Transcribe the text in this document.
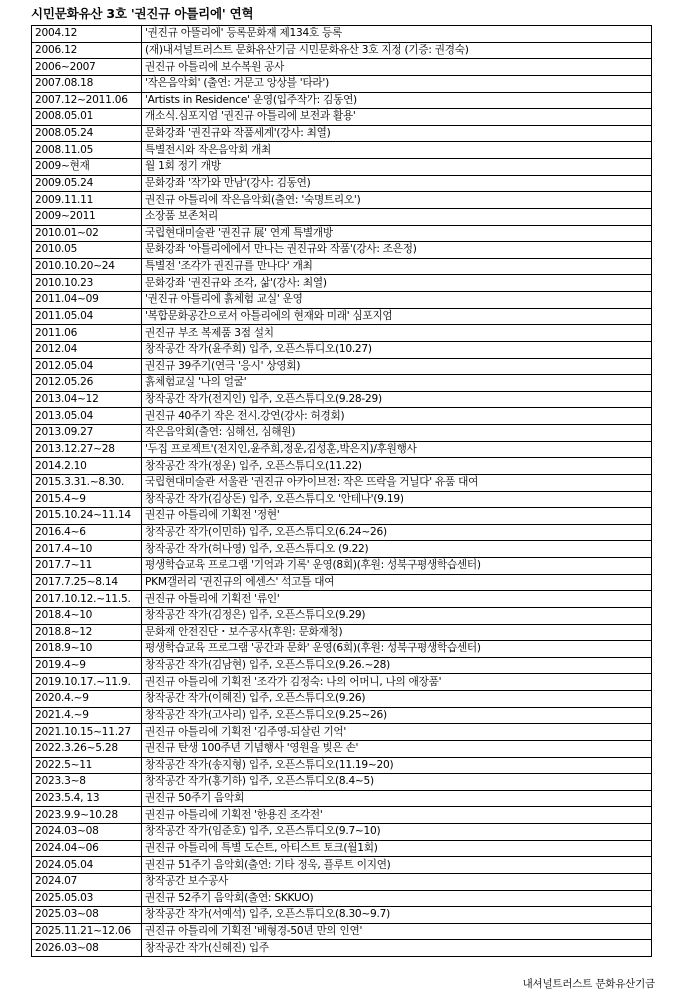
시민문화유산 3호 '권진규 아틀리에' 연혁
2004.12	'권진규 아뜰리에' 등록문화재 제134호 등록
2006.12	(재)내셔널트러스트 문화유산기금 시민문화유산 3호 지정 (기증: 권경숙)
2006~2007	권진규 아틀리에 보수복원 공사
2007.08.18	'작은음악회' (출연: 거문고 앙상블 '타라')
2007.12~2011.06	'Artists in Residence' 운영(입주작가: 김동연)
2008.05.01	개소식.심포지엄 '권진규 아틀리에 보전과 활용'
2008.05.24	문화강좌 '권진규와 작품세계'(강사: 최열)
2008.11.05	특별전시와 작은음악회 개최
2009~현재	월 1회 정기 개방
2009.05.24	문화강좌 '작가와 만남'(강사: 김동연)
2009.11.11	권진규 아틀리에 작은음악회(출연: '숙명트리오')
2009~2011	소장품 보존처리
2010.01~02	국립현대미술관 '권진규 展' 연계 특별개방
2010.05	문화강좌 '아틀리에에서 만나는 권진규와 작품'(강사: 조은정)
2010.10.20~24	특별전 '조각가 권진규를 만나다' 개최
2010.10.23	문화강좌 '권진규와 조각, 삶'(강사: 최열)
2011.04~09	'권진규 아틀리에 흙체험 교실' 운영
2011.05.04	'복합문화공간으로서 아틀리에의 현재와 미래' 심포지엄
2011.06	권진규 부조 복제품 3점 설치
2012.04	창작공간 작가(윤주희) 입주, 오픈스튜디오(10.27)
2012.05.04	권진규 39주기(연극 '응시' 상영회)
2012.05.26	흙체험교실 '나의 얼굴'
2013.04~12	창작공간 작가(전지인) 입주, 오픈스튜디오(9.28-29)
2013.05.04	권진규 40주기 작은 전시.강연(강사: 허경회)
2013.09.27	작은음악회(출연: 심해선, 심해원)
2013.12.27~28	'두집 프로젝트'(전지인,윤주희,정운,김성훈,박은지)/후원행사
2014.2.10	창작공간 작가(정운) 입주, 오픈스튜디오(11.22)
2015.3.31.~8.30.	국립현대미술관 서울관 '권진규 아카이브전: 작은 뜨락을 거닐다' 유품 대여
2015.4~9	창작공간 작가(김상돈) 입주, 오픈스튜디오 '안테나'(9.19)
2015.10.24~11.14	권진규 아틀리에 기획전 '정현'
2016.4~6	창작공간 작가(이민하) 입주, 오픈스튜디오(6.24~26)
2017.4~10	창작공간 작가(허나영) 입주, 오픈스튜디오 (9.22)
2017.7~11	평생학습교육 프로그램 '기억과 기록' 운영(8회)(후원: 성북구평생학습센터)
2017.7.25~8.14	PKM갤러리 '권진규의 에센스' 석고틀 대여
2017.10.12.~11.5.	권진규 아틀리에 기획전 '류인'
2018.4~10	창작공간 작가(김정은) 입주, 오픈스튜디오(9.29)
2018.8~12	문화재 안전진단・보수공사(후원: 문화재청)
2018.9~10	평생학습교육 프로그램 '공간과 문화' 운영(6회)(후원: 성북구평생학습센터)
2019.4~9	창작공간 작가(김남현) 입주, 오픈스튜디오(9.26.~28)
2019.10.17.~11.9.	권진규 아틀리에 기획전 '조각가 김정숙: 나의 어머니, 나의 애장품'
2020.4.~9	창작공간 작가(이혜진) 입주, 오픈스튜디오(9.26)
2021.4.~9	창작공간 작가(고사리) 입주, 오픈스튜디오(9.25~26)
2021.10.15~11.27	권진규 아틀리에 기획전 '김주영-되살린 기억'
2022.3.26~5.28	권진규 탄생 100주년 기념행사 '영원을 빚은 손'
2022.5~11	창작공간 작가(송지형) 입주, 오픈스튜디오(11.19~20)
2023.3~8	창작공간 작가(홍기하) 입주, 오픈스튜디오(8.4~5)
2023.5.4, 13	권진규 50주기 음악회
2023.9.9~10.28	권진규 아틀리에 기획전 '한용진 조각전'
2024.03~08	창작공간 작가(임준호) 입주, 오픈스튜디오(9.7~10)
2024.04~06	권진규 아틀리에 특별 도슨트, 아티스트 토크(월1회)
2024.05.04	권진규 51주기 음악회(출연: 기타 정욱, 플루트 이지연)
2024.07	창작공간 보수공사
2025.05.03	권진규 52주기 음악회(출연: SKKUO)
2025.03~08	창작공간 작가(서예석) 입주, 오픈스튜디오(8.30~9.7)
2025.11.21~12.06	권진규 아틀리에 기획전 '배형경-50년 만의 인연'
2026.03~08	창작공간 작가(신혜진) 입주
내셔널트러스트 문화유산기금
